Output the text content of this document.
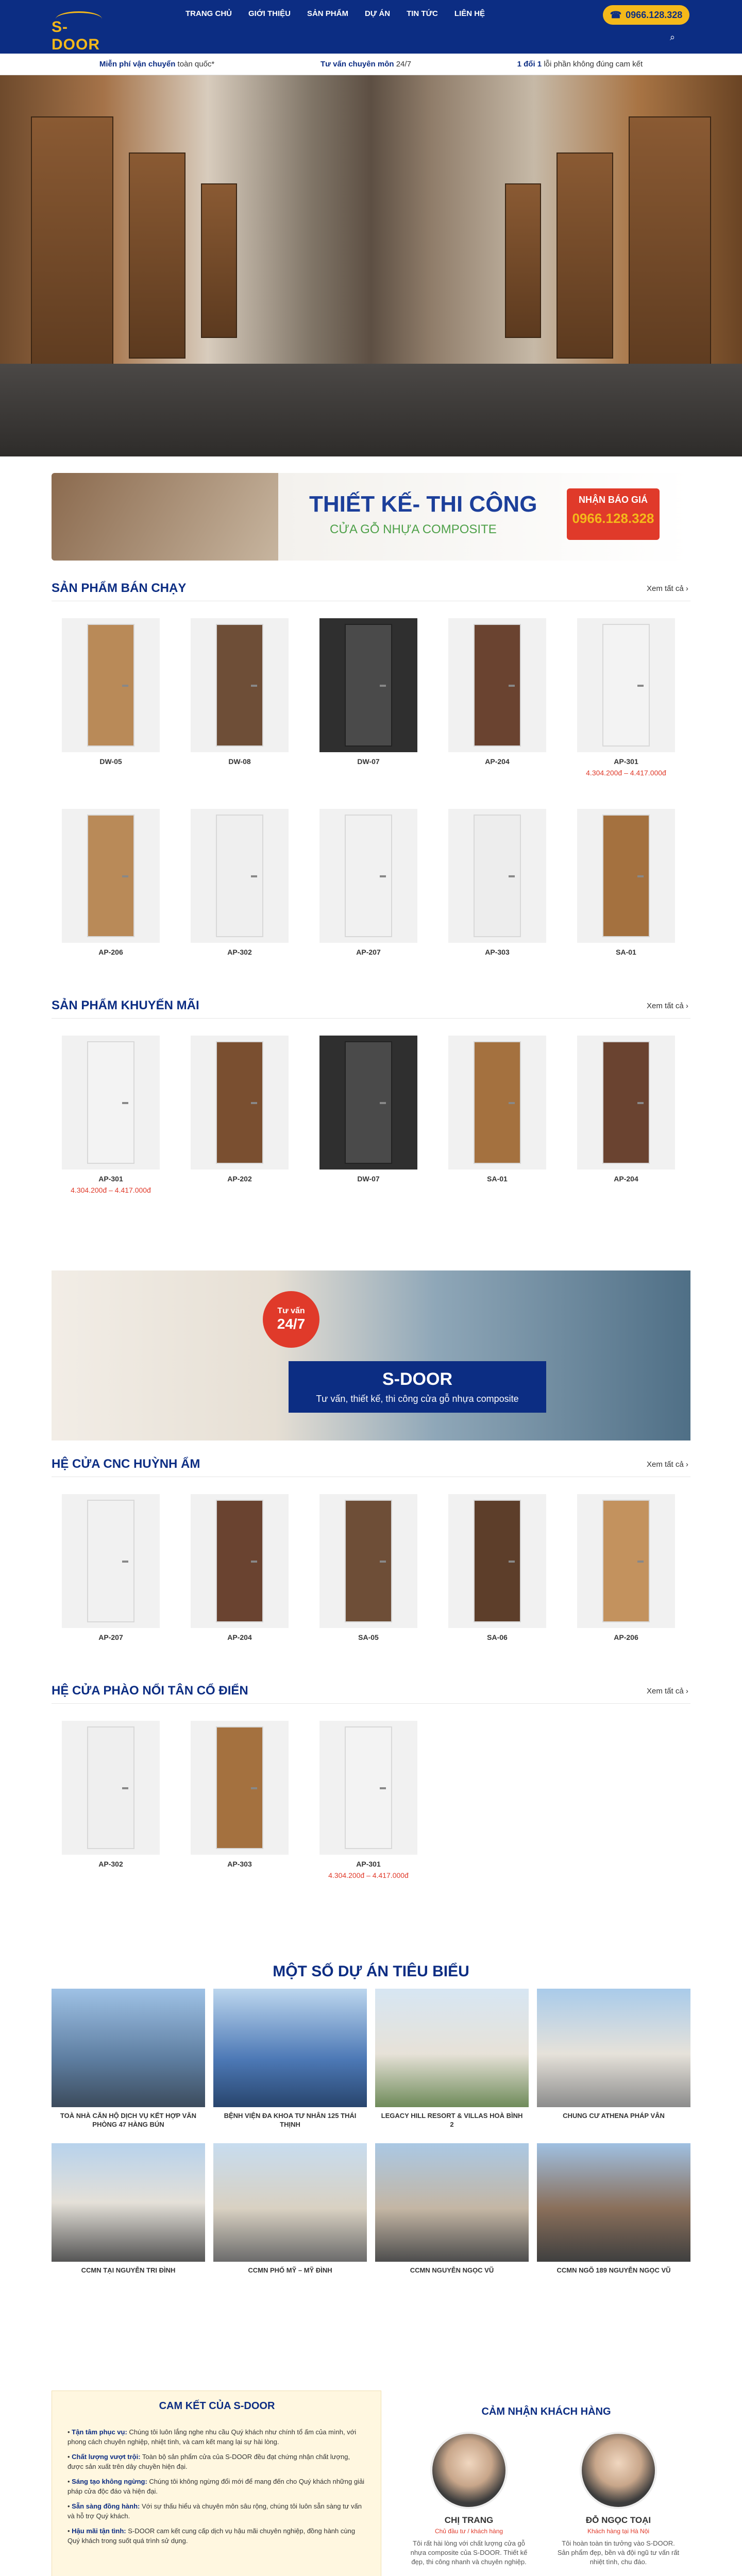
S-DOOR
TRANG CHỦ GIỚI THIỆU SẢN PHẨM DỰ ÁN TIN TỨC LIÊN HỆ	☎ 0966.128.328
⌕
Miễn phí vận chuyển toàn quốc*	Tư vấn chuyên môn 24/7	1 đổi 1 lỗi phần không đúng cam kết
THIẾT KẾ- THI CÔNG
CỬA GỖ NHỰA COMPOSITE
NHẬN BÁO GIÁ
0966.128.328
SẢN PHẨM BÁN CHẠY	Xem tất cả ›
DW-05	DW-08	DW-07	AP-204	AP-301
4.304.200đ – 4.417.000đ
AP-206	AP-302	AP-207	AP-303	SA-01
SẢN PHẨM KHUYẾN MÃI	Xem tất cả ›
AP-301
4.304.200đ – 4.417.000đ
AP-202	DW-07	SA-01	AP-204
Tư vấn
24/7
S-DOOR
Tư vấn, thiết kế, thi công cửa gỗ nhựa composite
HỆ CỬA CNC HUỲNH ẨM	Xem tất cả ›
AP-207	AP-204	SA-05	SA-06	AP-206
HỆ CỬA PHÀO NỔI TÂN CỔ ĐIỂN	Xem tất cả ›
AP-302	AP-303	AP-301
4.304.200đ – 4.417.000đ
MỘT SỐ DỰ ÁN TIÊU BIỂU
TOÀ NHÀ CĂN HỘ DỊCH VỤ KẾT HỢP VĂN PHÒNG 47 HÀNG BÚN
BỆNH VIỆN ĐA KHOA TƯ NHÂN 125 THÁI THỊNH
LEGACY HILL RESORT & VILLAS HOÀ BÌNH 2
CHUNG CƯ ATHENA PHÁP VÂN
CCMN TẠI NGUYỄN TRI ĐÌNH	CCMN PHỐ MỸ – MỸ ĐÌNH	CCMN NGUYỄN NGỌC VŨ	CCMN NGÕ 189 NGUYỄN NGỌC VŨ
CAM KẾT CỦA S-DOOR
• Tận tâm phục vụ: Chúng tôi luôn lắng nghe nhu cầu Quý khách như chính tổ ấm của mình, với phong cách chuyên nghiệp, nhiệt tình, và cam kết mang lại sự hài lòng.
• Chất lượng vượt trội: Toàn bộ sản phẩm cửa của S-DOOR đều đạt chứng nhận chất lượng, được sản xuất trên dây chuyền hiện đại.
• Sáng tạo không ngừng: Chúng tôi không ngừng đổi mới để mang đến cho Quý khách những giải pháp cửa độc đáo và hiện đại.
• Sẵn sàng đồng hành: Với sự thấu hiểu và chuyên môn sâu rộng, chúng tôi luôn sẵn sàng tư vấn và hỗ trợ Quý khách.
• Hậu mãi tận tình: S-DOOR cam kết cung cấp dịch vụ hậu mãi chuyên nghiệp, đồng hành cùng Quý khách trong suốt quá trình sử dụng.
CẢM NHẬN KHÁCH HÀNG
CHỊ TRANG
Chủ đầu tư / khách hàng
Tôi rất hài lòng với chất lượng cửa gỗ nhựa composite của S-DOOR. Thiết kế đẹp, thi công nhanh và chuyên nghiệp.
ĐỖ NGỌC TOẠI
Khách hàng tại Hà Nội
Tôi hoàn toàn tin tưởng vào S-DOOR. Sản phẩm đẹp, bền và đội ngũ tư vấn rất nhiệt tình, chu đáo.
